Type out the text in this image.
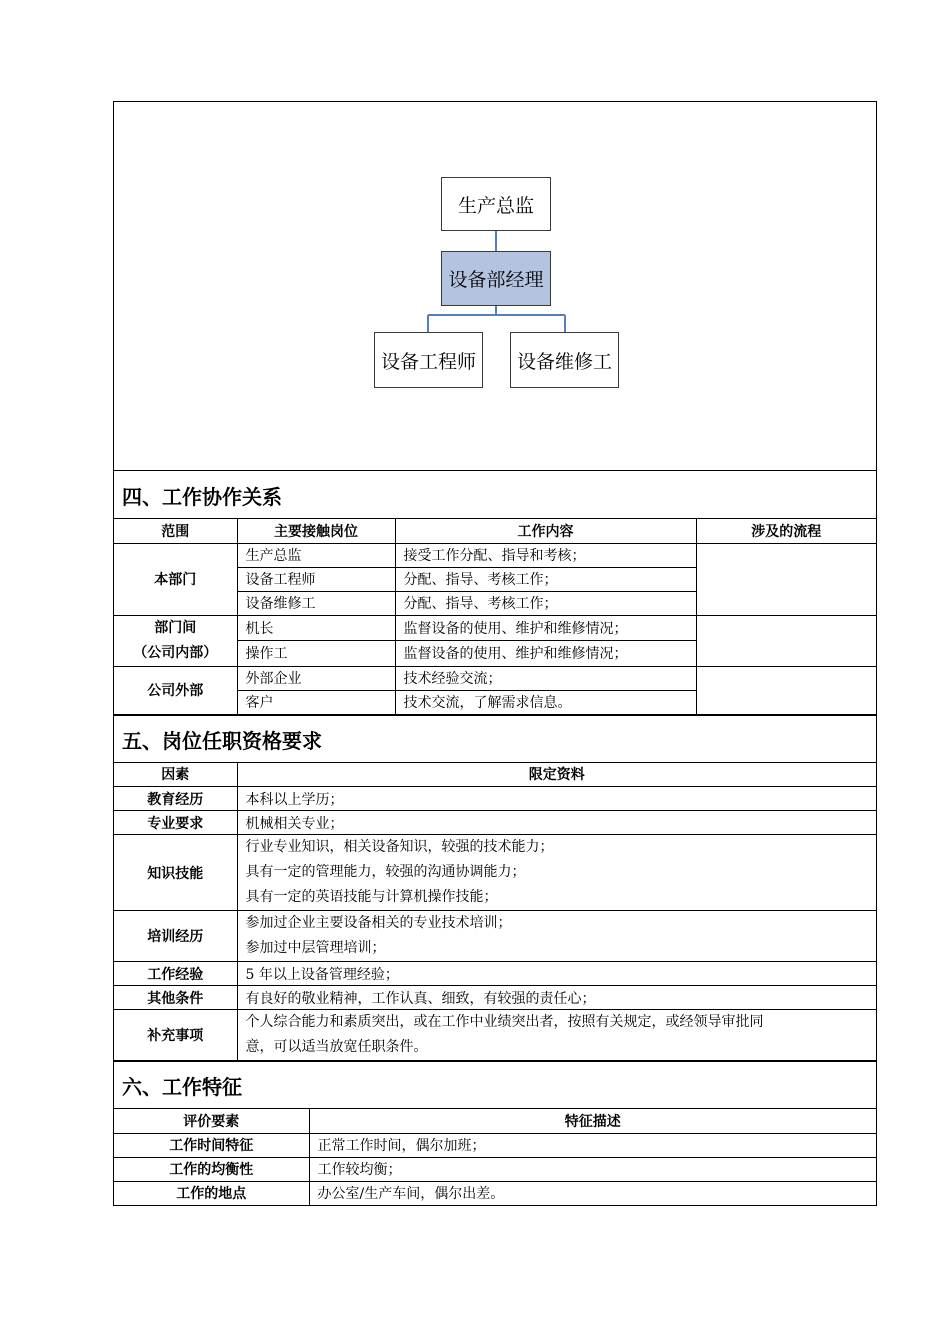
生产总监
设备部经理
设备工程师	设备维修工
四、工作协作关系
范围	主要接触岗位	工作内容	涉及的流程
本部门	生产总监	接受工作分配、指导和考核；	
	设备工程师	分配、指导、考核工作；	
	设备维修工	分配、指导、考核工作；	

部门间
（公司内部）	机长	监督设备的使用、维护和维修情况；	
	操作工	监督设备的使用、维护和维修情况；	
公司外部	外部企业	技术经验交流；	
	客户	技术交流，了解需求信息。	
五、岗位任职资格要求
因素	限定资料
教育经历	本科以上学历；
专业要求	机械相关专业；
知识技能	行业专业知识，相关设备知识，较强的技术能力；
具有一定的管理能力，较强的沟通协调能力；
具有一定的英语技能与计算机操作技能；

培训经历	参加过企业主要设备相关的专业技术培训；
参加过中层管理培训；

工作经验	5 年以上设备管理经验；
其他条件	有良好的敬业精神，工作认真、细致，有较强的责任心；
补充事项	个人综合能力和素质突出，或在工作中业绩突出者，按照有关规定，或经领导审批同
意，可以适当放宽任职条件。
六、工作特征
评价要素	特征描述
工作时间特征	正常工作时间，偶尔加班；
工作的均衡性	工作较均衡；
工作的地点	办公室/生产车间，偶尔出差。
